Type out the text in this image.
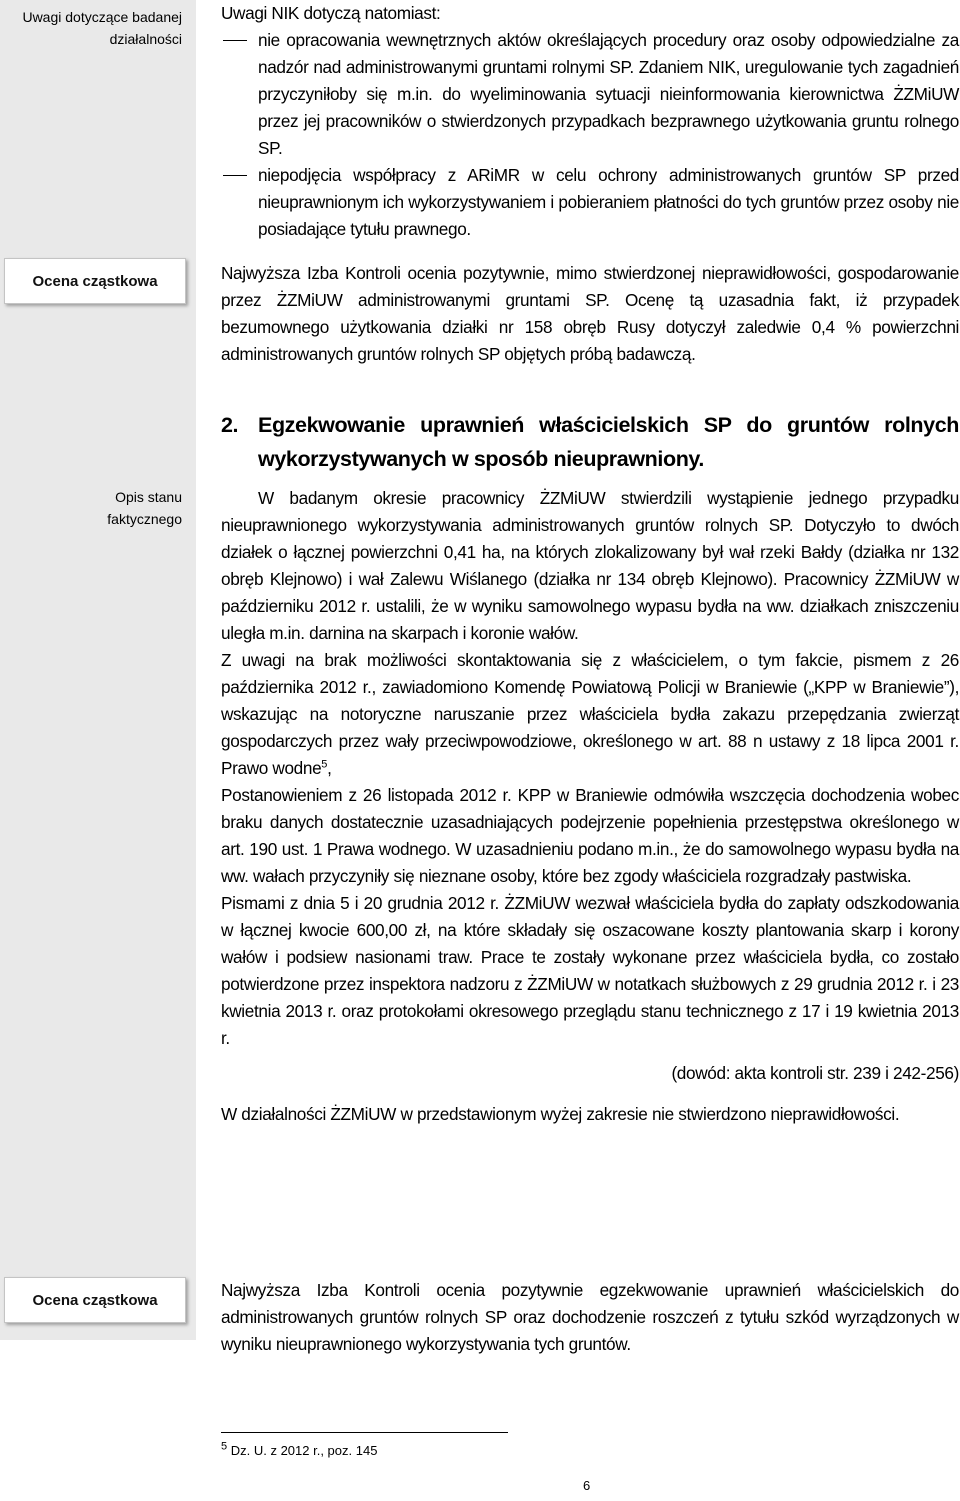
Uwagi dotyczące badanej działalności
Ocena cząstkowa
Opis stanu faktycznego
Ocena cząstkowa

Uwagi NIK dotyczą natomiast:

nie opracowania wewnętrznych aktów określających procedury oraz osoby odpowiedzialne za nadzór nad administrowanymi gruntami rolnymi SP. Zdaniem NIK, uregulowanie tych zagadnień przyczyniłoby się m.in. do wyeliminowania sytuacji nieinformowania kierownictwa ŻZMiUW przez jej pracowników o stwierdzonych przypadkach bezprawnego użytkowania gruntu rolnego SP.
niepodjęcia współpracy z ARiMR w celu ochrony administrowanych gruntów SP przed nieuprawnionym ich wykorzystywaniem i pobieraniem płatności do tych gruntów przez osoby nie posiadające tytułu prawnego.

Najwyższa Izba Kontroli ocenia pozytywnie, mimo stwierdzonej nieprawidłowości, gospodarowanie przez ŻZMiUW administrowanymi gruntami SP. Ocenę tą uzasadnia fakt, iż przypadek bezumownego użytkowania działki nr 158 obręb Rusy dotyczył zaledwie 0,4 % powierzchni administrowanych gruntów rolnych SP objętych próbą badawczą.

2. Egzekwowanie uprawnień właścicielskich SP do gruntów rolnych wykorzystywanych w sposób nieuprawniony.

W badanym okresie pracownicy ŻZMiUW stwierdzili wystąpienie jednego przypadku nieuprawnionego wykorzystywania administrowanych gruntów rolnych SP. Dotyczyło to dwóch działek o łącznej powierzchni 0,41 ha, na których zlokalizowany był wał rzeki Bałdy (działka nr 132 obręb Klejnowo) i wał Zalewu Wiślanego (działka nr 134 obręb Klejnowo). Pracownicy ŻZMiUW w październiku 2012 r. ustalili, że w wyniku samowolnego wypasu bydła na ww. działkach zniszczeniu uległa m.in. darnina na skarpach i koronie wałów.

Z uwagi na brak możliwości skontaktowania się z właścicielem, o tym fakcie, pismem z 26 października 2012 r., zawiadomiono Komendę Powiatową Policji w Braniewie („KPP w Braniewie”), wskazując na notoryczne naruszanie przez właściciela bydła zakazu przepędzania zwierząt gospodarczych przez wały przeciwpowodziowe, określonego w art. 88 n ustawy z 18 lipca 2001 r. Prawo wodne$^5$,

Postanowieniem z 26 listopada 2012 r. KPP w Braniewie odmówiła wszczęcia dochodzenia wobec braku danych dostatecznie uzasadniających podejrzenie popełnienia przestępstwa określonego w art. 190 ust. 1 Prawa wodnego. W uzasadnieniu podano m.in., że do samowolnego wypasu bydła na ww. wałach przyczyniły się nieznane osoby, które bez zgody właściciela rozgradzały pastwiska.

Pismami z dnia 5 i 20 grudnia 2012 r. ŻZMiUW wezwał właściciela bydła do zapłaty odszkodowania w łącznej kwocie 600,00 zł, na które składały się oszacowane koszty plantowania skarp i korony wałów i podsiew nasionami traw. Prace te zostały wykonane przez właściciela bydła, co zostało potwierdzone przez inspektora nadzoru z ŻZMiUW w notatkach służbowych z 29 grudnia 2012 r. i 23 kwietnia 2013 r. oraz protokołami okresowego przeglądu stanu technicznego z 17 i 19 kwietnia 2013 r.

(dowód: akta kontroli str. 239 i 242-256)

W działalności ŻZMiUW w przedstawionym wyżej zakresie nie stwierdzono nieprawidłowości.

Najwyższa Izba Kontroli ocenia pozytywnie egzekwowanie uprawnień właścicielskich do administrowanych gruntów rolnych SP oraz dochodzenie roszczeń z tytułu szkód wyrządzonych w wyniku nieuprawnionego wykorzystywania tych gruntów.

$^5$ Dz. U. z 2012 r., poz. 145
6
